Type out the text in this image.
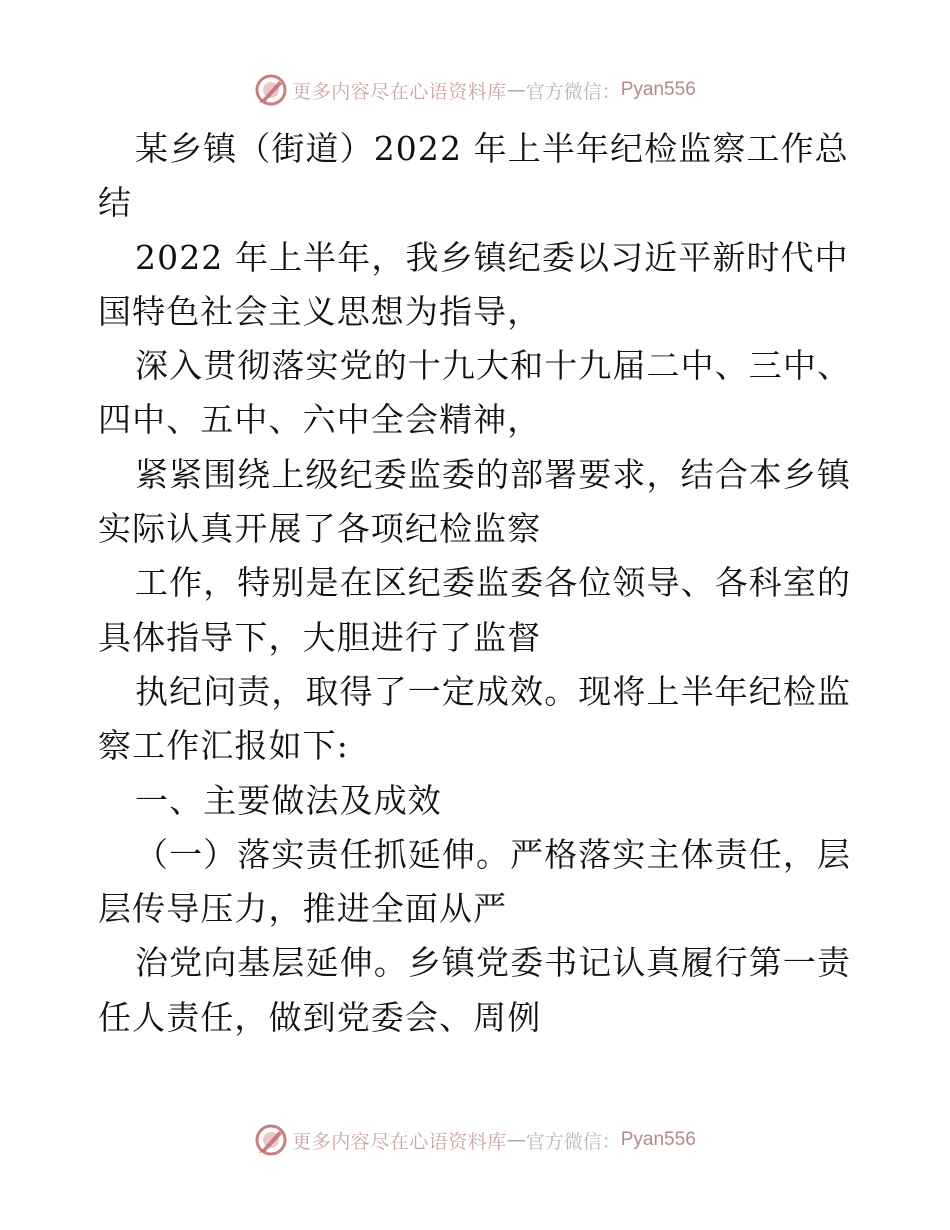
更多内容尽在心语资料库 — 官方微信： Pyan556
某乡镇（街道）2022 年上半年纪检监察工作总
结
2022 年上半年，我乡镇纪委以习近平新时代中
国特色社会主义思想为指导，
深入贯彻落实党的十九大和十九届二中、三中、
四中、五中、六中全会精神，
紧紧围绕上级纪委监委的部署要求，结合本乡镇
实际认真开展了各项纪检监察
工作，特别是在区纪委监委各位领导、各科室的
具体指导下，大胆进行了监督
执纪问责，取得了一定成效。现将上半年纪检监
察工作汇报如下:
一、主要做法及成效
（一）落实责任抓延伸。严格落实主体责任，层
层传导压力，推进全面从严
治党向基层延伸。乡镇党委书记认真履行第一责
任人责任，做到党委会、周例
更多内容尽在心语资料库 — 官方微信： Pyan556
